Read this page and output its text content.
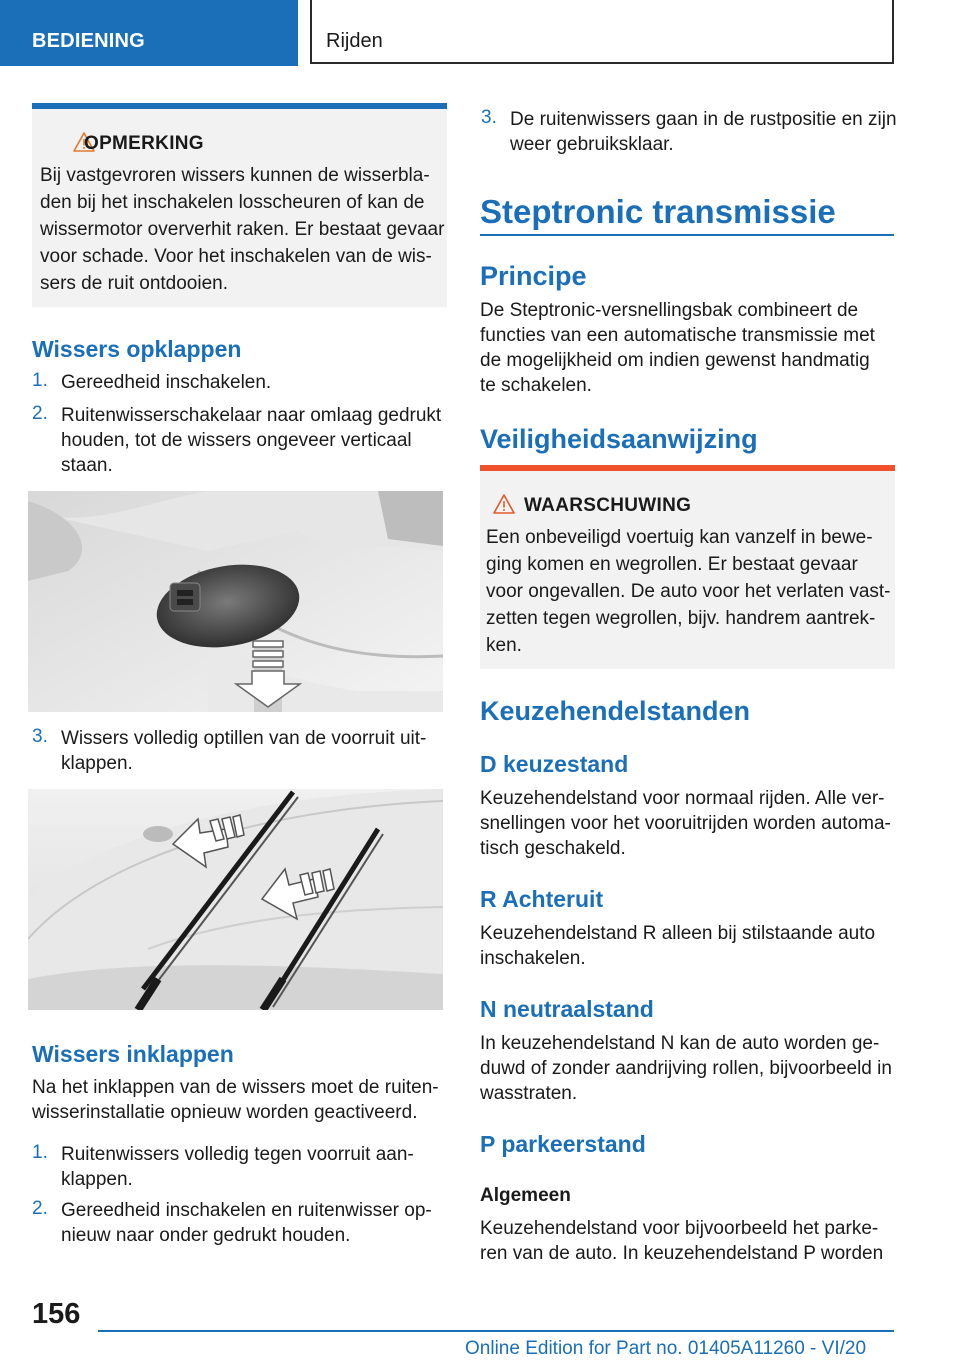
BEDIENING	Rijden
OPMERKING
Bij vastgevroren wissers kunnen de wisserbla-
den bij het inschakelen losscheuren of kan de
wissermotor oververhit raken. Er bestaat gevaar
voor schade. Voor het inschakelen van de wis-
sers de ruit ontdooien.
Wissers opklappen
1. Gereedheid inschakelen.
2. Ruitenwisserschakelaar naar omlaag gedrukt
houden, tot de wissers ongeveer verticaal
staan.
3. Wissers volledig optillen van de voorruit uit-
klappen.
Wissers inklappen
Na het inklappen van de wissers moet de ruiten-
wisserinstallatie opnieuw worden geactiveerd.
1. Ruitenwissers volledig tegen voorruit aan-
klappen.
2. Gereedheid inschakelen en ruitenwisser op-
nieuw naar onder gedrukt houden.
3. De ruitenwissers gaan in de rustpositie en zijn
weer gebruiksklaar.
Steptronic transmissie
Principe
De Steptronic-versnellingsbak combineert de
functies van een automatische transmissie met
de mogelijkheid om indien gewenst handmatig
te schakelen.
Veiligheidsaanwijzing
WAARSCHUWING
Een onbeveiligd voertuig kan vanzelf in bewe-
ging komen en wegrollen. Er bestaat gevaar
voor ongevallen. De auto voor het verlaten vast-
zetten tegen wegrollen, bijv. handrem aantrek-
ken.
Keuzehendelstanden
D keuzestand
Keuzehendelstand voor normaal rijden. Alle ver-
snellingen voor het vooruitrijden worden automa-
tisch geschakeld.
R Achteruit
Keuzehendelstand R alleen bij stilstaande auto
inschakelen.
N neutraalstand
In keuzehendelstand N kan de auto worden ge-
duwd of zonder aandrijving rollen, bijvoorbeeld in
wasstraten.
P parkeerstand
Algemeen
Keuzehendelstand voor bijvoorbeeld het parke-
ren van de auto. In keuzehendelstand P worden
156
Online Edition for Part no. 01405A11260 - VI/20
